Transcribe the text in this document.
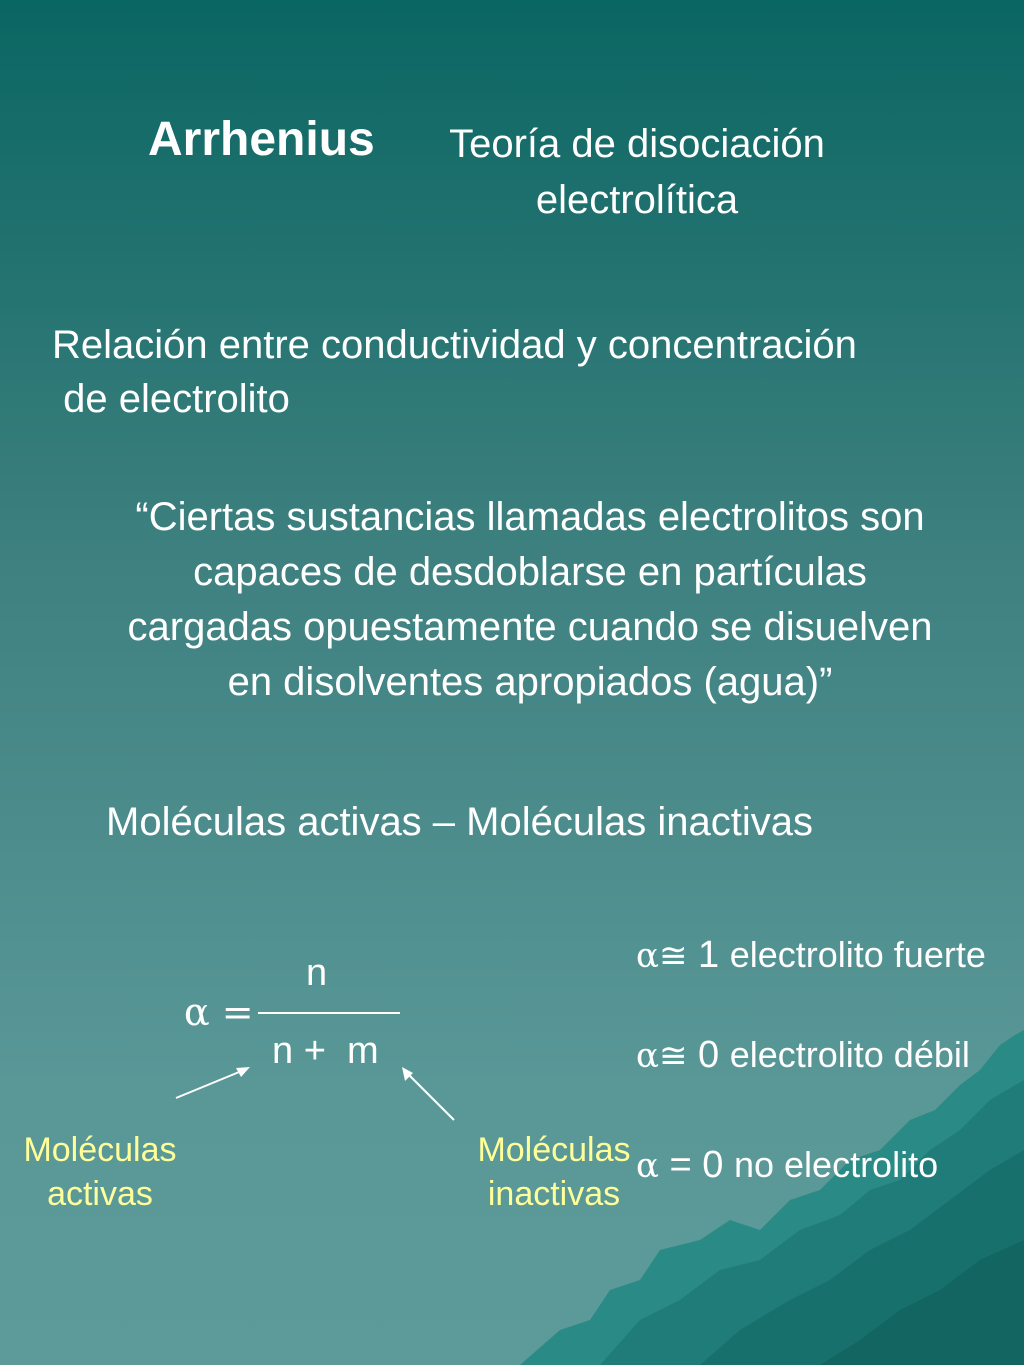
Arrhenius	Teoría de disociación
electrolítica
Relación entre conductividad y concentración
de electrolito
“Ciertas sustancias llamadas electrolitos son
capaces de desdoblarse en partículas
cargadas opuestamente cuando se disuelven
en disolventes apropiados (agua)”
Moléculas activas – Moléculas inactivas
α =
n
n +  m
Moléculas
activas
Moléculas
inactivas
α≅ 1 electrolito fuerte
α≅ 0 electrolito débil
α = 0 no electrolito
